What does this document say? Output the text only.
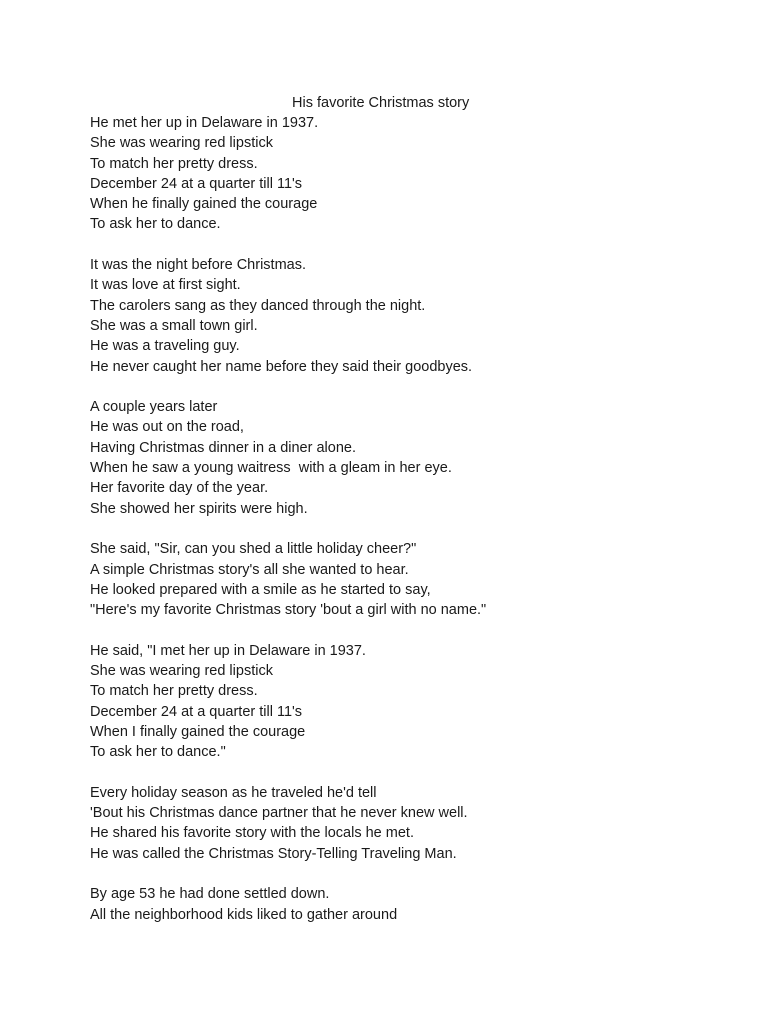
His favorite Christmas story
He met her up in Delaware in 1937.
She was wearing red lipstick
To match her pretty dress.
December 24 at a quarter till 11's
When he finally gained the courage
To ask her to dance.
It was the night before Christmas.
It was love at first sight.
The carolers sang as they danced through the night.
She was a small town girl.
He was a traveling guy.
He never caught her name before they said their goodbyes.
A couple years later
He was out on the road,
Having Christmas dinner in a diner alone.
When he saw a young waitress  with a gleam in her eye.
Her favorite day of the year.
She showed her spirits were high.
She said, "Sir, can you shed a little holiday cheer?"
A simple Christmas story's all she wanted to hear.
He looked prepared with a smile as he started to say,
"Here's my favorite Christmas story 'bout a girl with no name."
He said, "I met her up in Delaware in 1937.
She was wearing red lipstick
To match her pretty dress.
December 24 at a quarter till 11's
When I finally gained the courage
To ask her to dance."
Every holiday season as he traveled he'd tell
'Bout his Christmas dance partner that he never knew well.
He shared his favorite story with the locals he met.
He was called the Christmas Story-Telling Traveling Man.
By age 53 he had done settled down.
All the neighborhood kids liked to gather around
